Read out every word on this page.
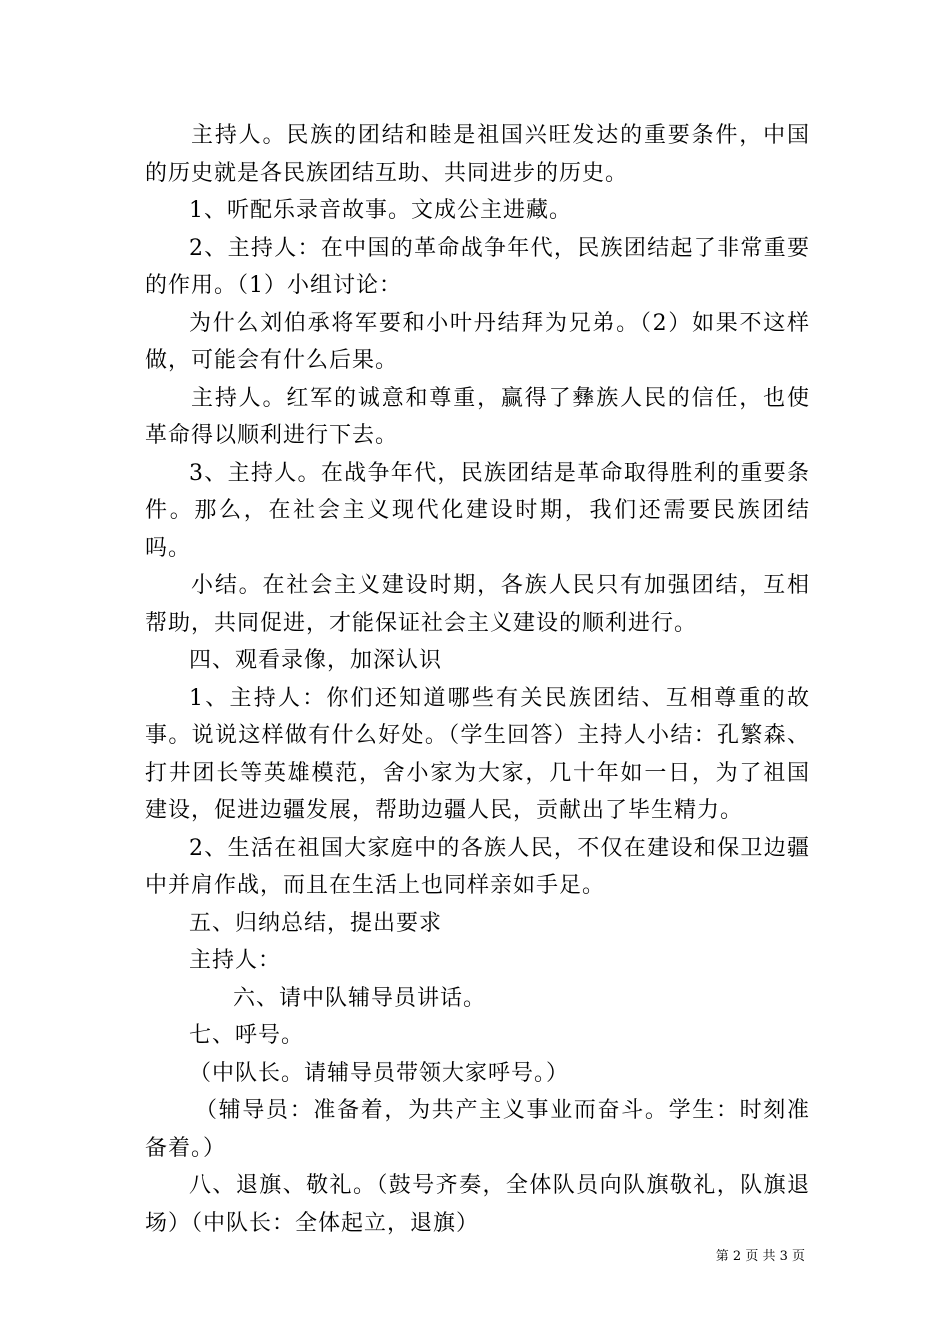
主持人。民族的团结和睦是祖国兴旺发达的重要条件，中国的历史就是各民族团结互助、共同进步的历史。

1、听配乐录音故事。文成公主进藏。

2、主持人：在中国的革命战争年代，民族团结起了非常重要的作用。（1）小组讨论：

为什么刘伯承将军要和小叶丹结拜为兄弟。（2）如果不这样做，可能会有什么后果。

主持人。红军的诚意和尊重，赢得了彝族人民的信任，也使革命得以顺利进行下去。

3、主持人。在战争年代，民族团结是革命取得胜利的重要条件。那么，在社会主义现代化建设时期，我们还需要民族团结吗。

小结。在社会主义建设时期，各族人民只有加强团结，互相帮助，共同促进，才能保证社会主义建设的顺利进行。

四、观看录像，加深认识

1、主持人：你们还知道哪些有关民族团结、互相尊重的故事。说说这样做有什么好处。（学生回答）主持人小结：孔繁森、打井团长等英雄模范，舍小家为大家，几十年如一日，为了祖国建设，促进边疆发展，帮助边疆人民，贡献出了毕生精力。

2、生活在祖国大家庭中的各族人民，不仅在建设和保卫边疆中并肩作战，而且在生活上也同样亲如手足。

五、归纳总结，提出要求

主持人：

六、请中队辅导员讲话。

七、呼号。

（中队长。请辅导员带领大家呼号。）

（辅导员：准备着，为共产主义事业而奋斗。学生：时刻准备着。）

八、退旗、敬礼。（鼓号齐奏，全体队员向队旗敬礼，队旗退场）（中队长：全体起立，退旗）

第 2 页 共 3 页
